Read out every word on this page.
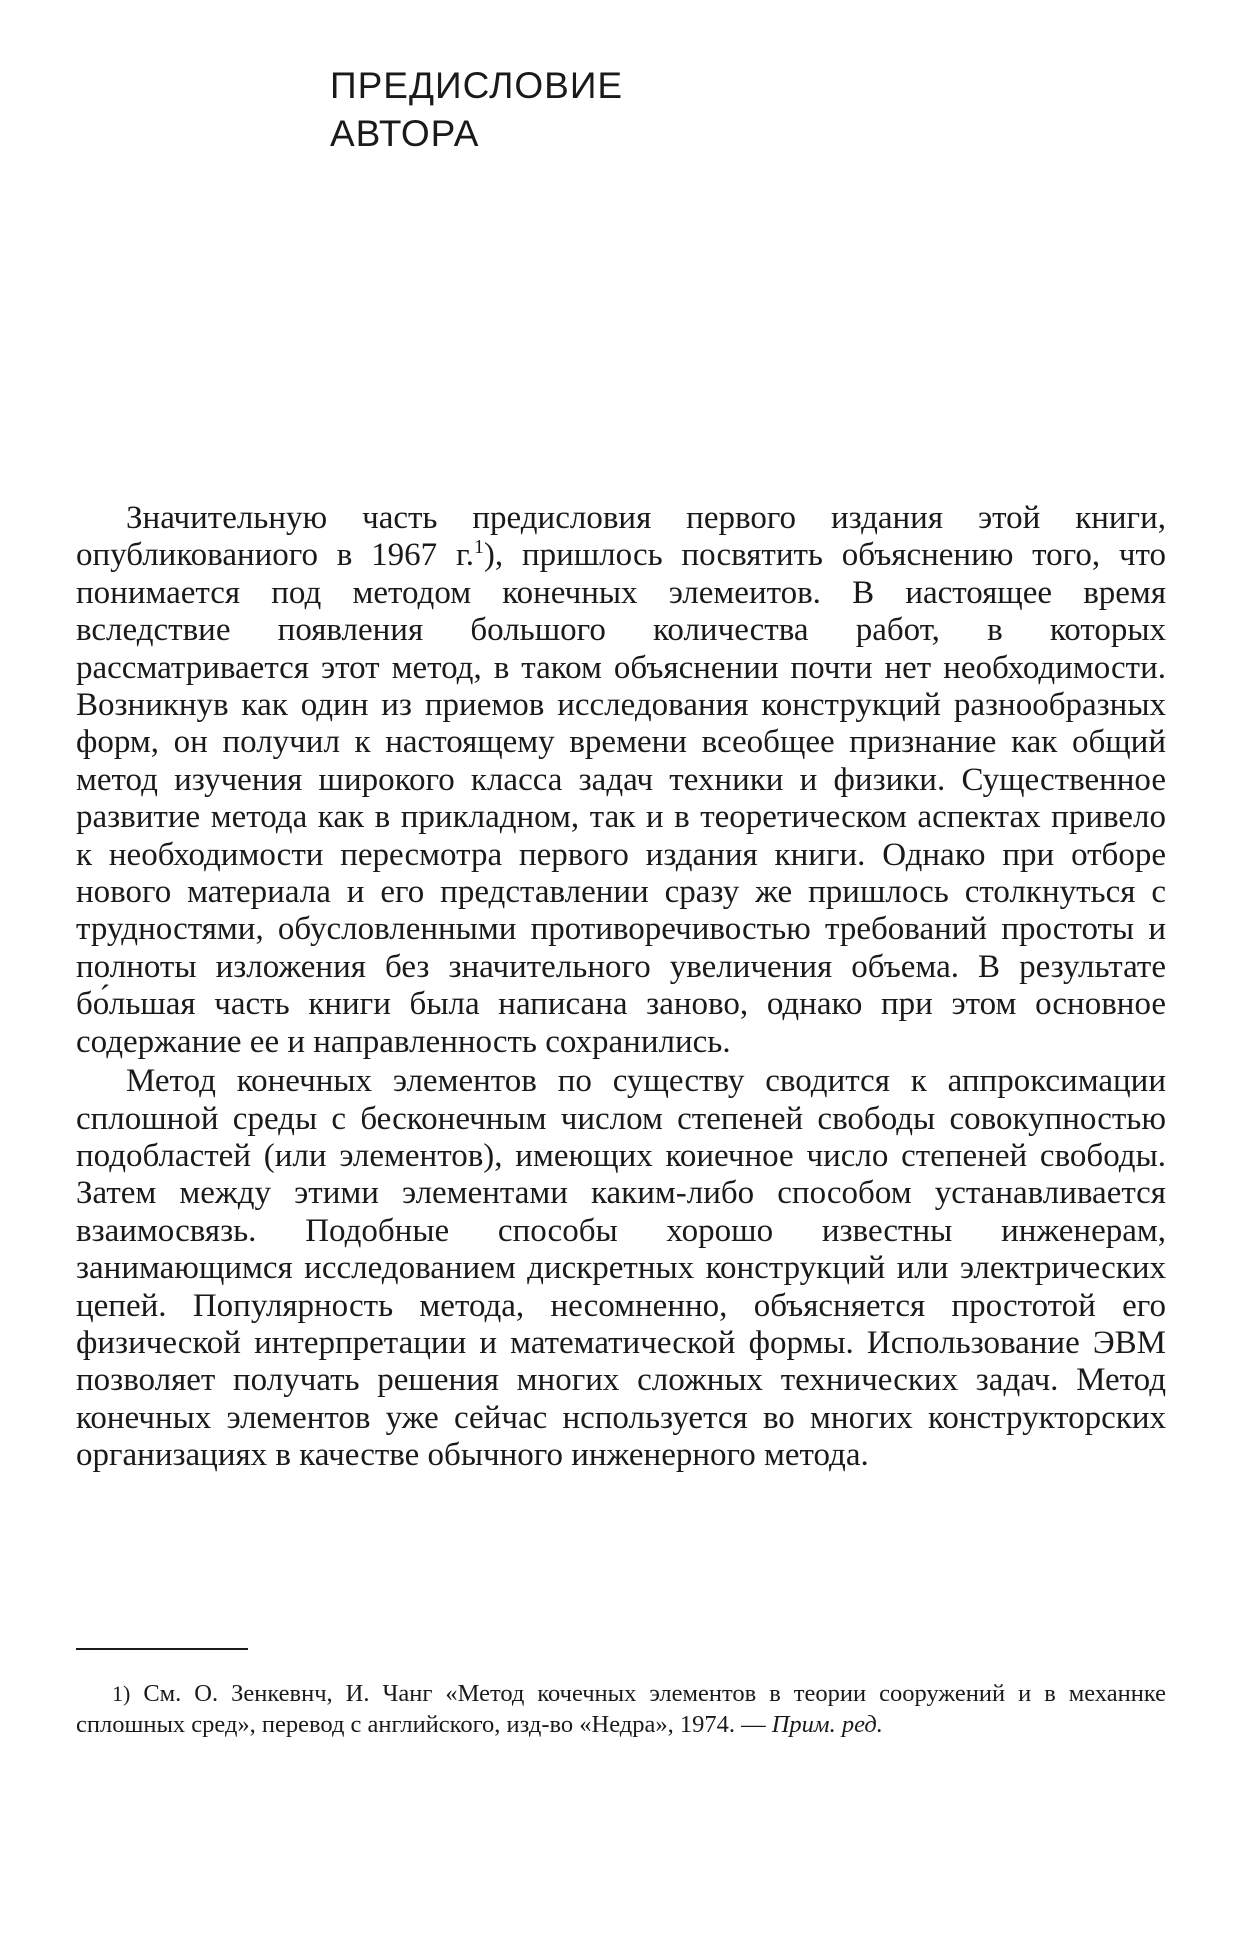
ПРЕДИСЛОВИЕ
АВТОРА

Значительную часть предисловия первого издания этой книги, опубликованиого в 1967 г.$^1$), пришлось посвятить объяснению того, что понимается под методом конечных элемеитов. В иастоящее время вследствие появления большого количества работ, в которых рассматривается этот метод, в таком объяснении почти нет необходимости. Возникнув как один из приемов исследования конструкций разнообразных форм, он получил к настоящему времени всеобщее признание как общий метод изучения широкого класса задач техники и физики. Существенное развитие метода как в прикладном, так и в теоретическом аспектах привело к необходимости пересмотра первого издания книги. Однако при отборе нового материала и его представлении сразу же пришлось столкнуться с трудностями, обусловленными противоречивостью требований простоты и полноты изложения без значительного увеличения объема. В результате бо́льшая часть книги была написана заново, однако при этом основное содержание ее и направленность сохранились.

Метод конечных элементов по существу сводится к аппроксимации сплошной среды с бесконечным числом степеней свободы совокупностью подобластей (или элементов), имеющих коиечное число степеней свободы. Затем между этими элементами каким-либо способом устанавливается взаимосвязь. Подобные способы хорошо известны инженерам, занимающимся исследованием дискретных конструкций или электрических цепей. Популярность метода, несомненно, объясняется простотой его физической интерпретации и математической формы. Использование ЭВМ позволяет получать решения многих сложных технических задач. Метод конечных элементов уже сейчас нспользуется во многих конструкторских организациях в качестве обычного инженерного метода.

1) См. О. Зенкевнч, И. Чанг «Метод кочечных элементов в теории сооружений и в механнке сплошных сред», перевод с английского, изд-во «Недра», 1974. — Прим. ред.
